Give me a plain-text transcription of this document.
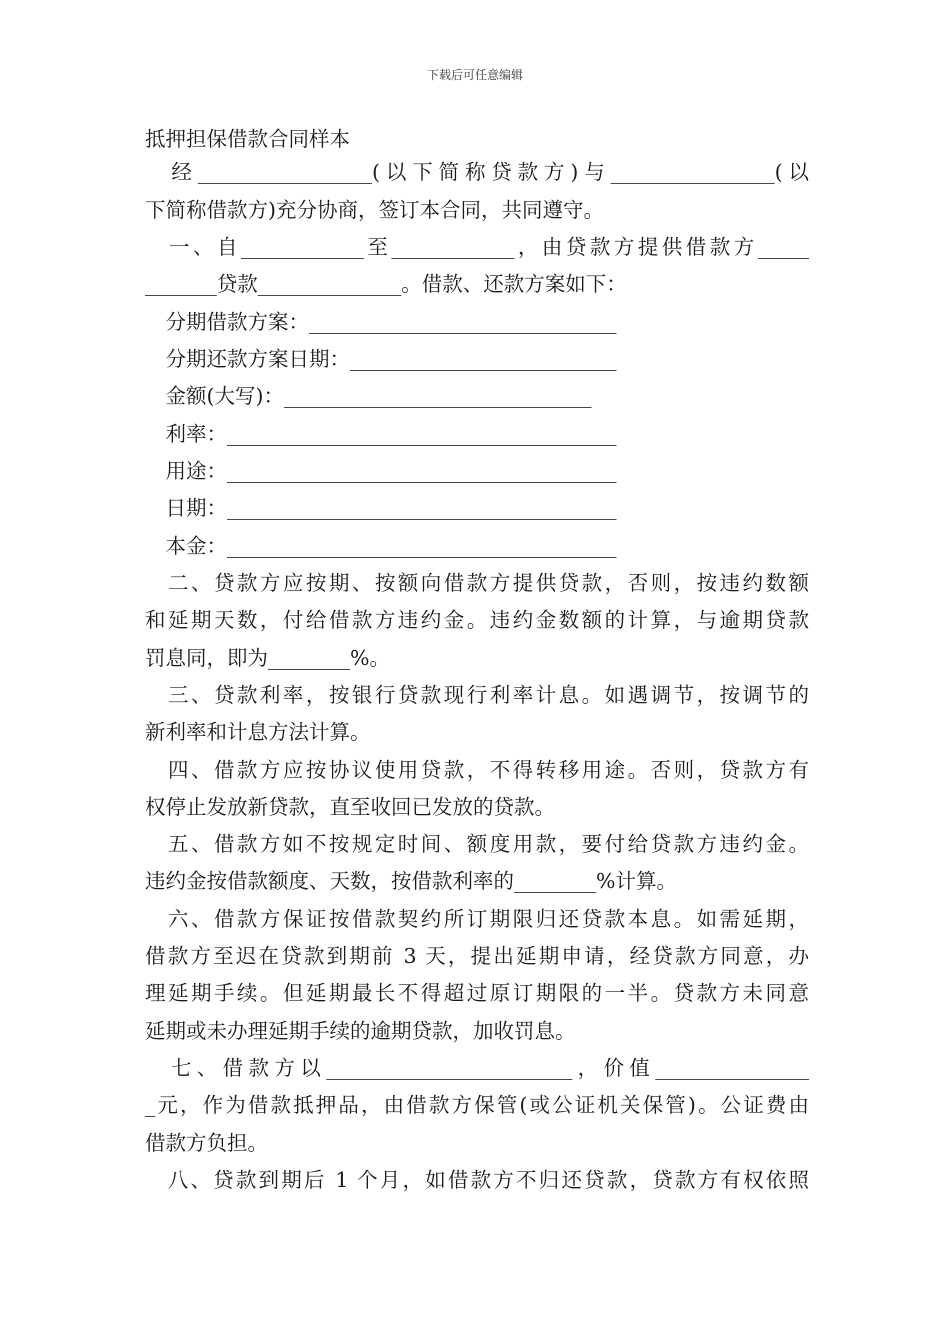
下载后可任意编辑
抵押担保借款合同样本
　经_________________(以下简称贷款方)与________________(以
下简称借款方)充分协商，签订本合同，共同遵守。
　一、自____________至____________，由贷款方提供借款方_____
_______贷款______________。借款、还款方案如下：
　分期借款方案：______________________________
　分期还款方案日期：__________________________
　金额(大写)：______________________________
　利率：______________________________________
　用途：______________________________________
　日期：______________________________________
　本金：______________________________________
　二、贷款方应按期、按额向借款方提供贷款，否则，按违约数额
和延期天数，付给借款方违约金。违约金数额的计算，与逾期贷款
罚息同，即为________%。
　三、贷款利率，按银行贷款现行利率计息。如遇调节，按调节的
新利率和计息方法计算。
　四、借款方应按协议使用贷款，不得转移用途。否则，贷款方有
权停止发放新贷款，直至收回已发放的贷款。
　五、借款方如不按规定时间、额度用款，要付给贷款方违约金。
违约金按借款额度、天数，按借款利率的________%计算。
　六、借款方保证按借款契约所订期限归还贷款本息。如需延期，
借款方至迟在贷款到期前 3 天，提出延期申请，经贷款方同意，办
理延期手续。但延期最长不得超过原订期限的一半。贷款方未同意
延期或未办理延期手续的逾期贷款，加收罚息。
　七、借款方以________________________，价值_______________
_元，作为借款抵押品，由借款方保管(或公证机关保管)。公证费由
借款方负担。
　八、贷款到期后 1 个月，如借款方不归还贷款，贷款方有权依照
